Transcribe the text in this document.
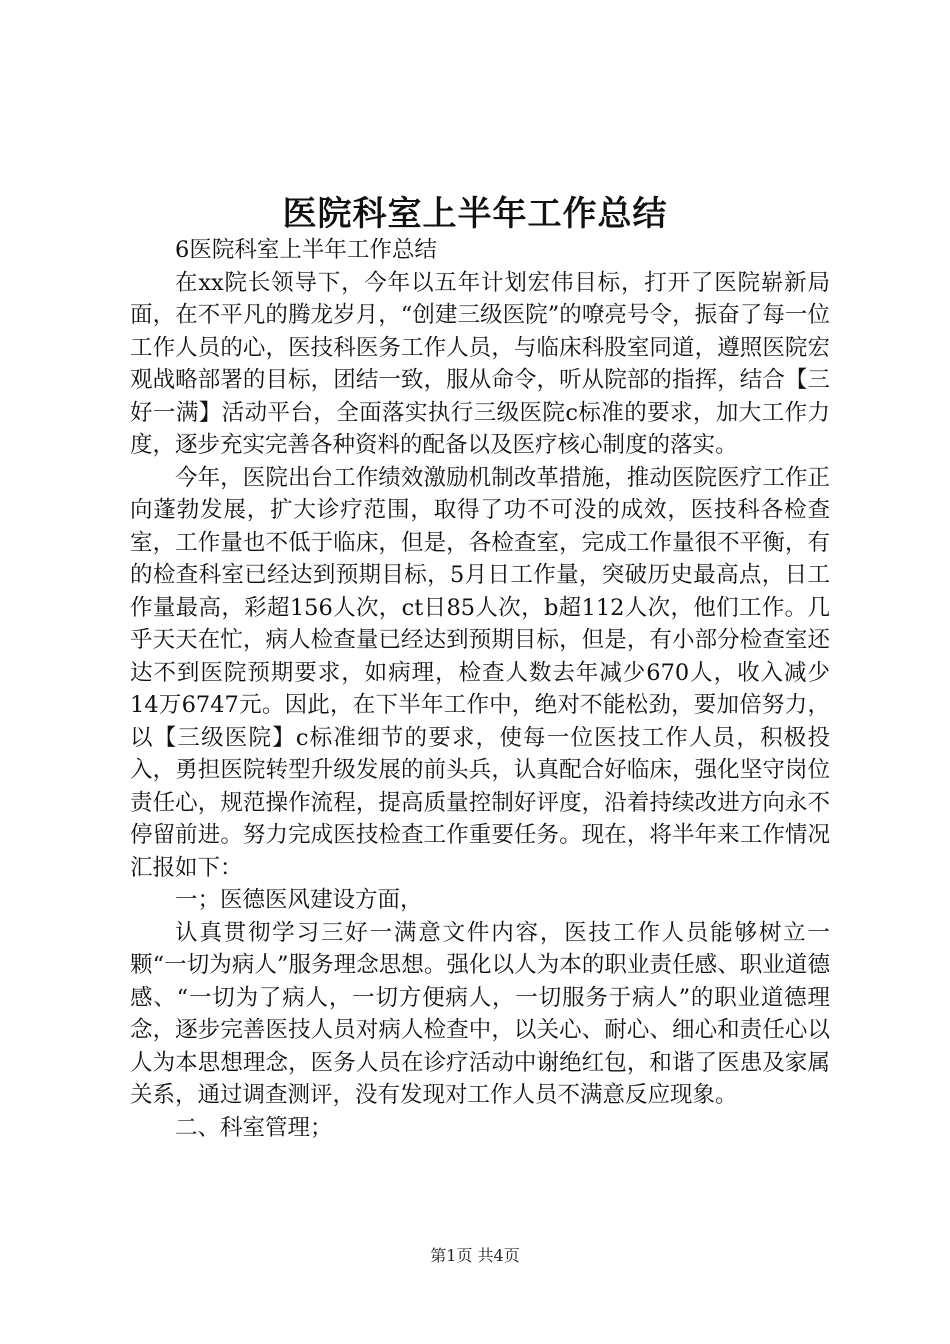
医院科室上半年工作总结

6医院科室上半年工作总结

在xx院长领导下，今年以五年计划宏伟目标，打开了医院崭新局面，在不平凡的腾龙岁月，“创建三级医院”的嘹亮号令，振奋了每一位工作人员的心，医技科医务工作人员，与临床科股室同道，遵照医院宏观战略部署的目标，团结一致，服从命令，听从院部的指挥，结合【三好一满】活动平台，全面落实执行三级医院c标准的要求，加大工作力度，逐步充实完善各种资料的配备以及医疗核心制度的落实。

今年，医院出台工作绩效激励机制改革措施，推动医院医疗工作正向蓬勃发展，扩大诊疗范围，取得了功不可没的成效，医技科各检查室，工作量也不低于临床，但是，各检查室，完成工作量很不平衡，有的检查科室已经达到预期目标，5月日工作量，突破历史最高点，日工作量最高，彩超156人次，ct日85人次，b超112人次，他们工作。几乎天天在忙，病人检查量已经达到预期目标，但是，有小部分检查室还达不到医院预期要求，如病理，检查人数去年减少670人，收入减少14万6747元。因此，在下半年工作中，绝对不能松劲，要加倍努力，以【三级医院】c标准细节的要求，使每一位医技工作人员，积极投入，勇担医院转型升级发展的前头兵，认真配合好临床，强化坚守岗位责任心，规范操作流程，提高质量控制好评度，沿着持续改进方向永不停留前进。努力完成医技检查工作重要任务。现在，将半年来工作情况汇报如下：

一；医德医风建设方面，

认真贯彻学习三好一满意文件内容，医技工作人员能够树立一颗“一切为病人”服务理念思想。强化以人为本的职业责任感、职业道德感、“一切为了病人，一切方便病人，一切服务于病人”的职业道德理念，逐步完善医技人员对病人检查中，以关心、耐心、细心和责任心以人为本思想理念，医务人员在诊疗活动中谢绝红包，和谐了医患及家属关系，通过调查测评，没有发现对工作人员不满意反应现象。

二、科室管理；

第1页 共4页
